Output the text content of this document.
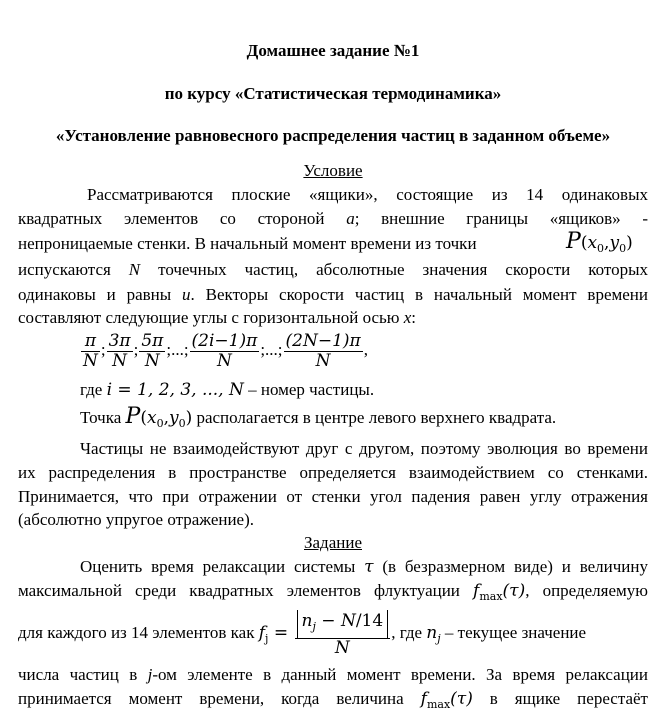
Домашнее задание №1
по курсу «Статистическая термодинамика»
«Установление равновесного распределения частиц в заданном объеме»
Условие
Рассматриваются плоские «ящики», состоящие из 14 одинаковых
квадратных элементов со стороной a; внешние границы «ящиков» -
непроницаемые стенки. В начальный момент времени из точки	$P(x_0,y_0)$
испускаются N точечных частиц, абсолютные значения скорости которых
одинаковы и равны u. Векторы скорости частиц в начальный момент времени
составляют следующие углы с горизонтальной осью x:
$\frac{\pi}{N}$ ; $\frac{3\pi}{N}$ ; $\frac{5\pi}{N}$ ;...; $\frac{(2i-1)\pi}{N}$ ;...; $\frac{(2N-1)\pi}{N}$ ,
где i = 1, 2, 3, ..., N – номер частицы.
Точка $P(x_0,y_0)$ располагается в центре левого верхнего квадрата.
Частицы не взаимодействуют друг с другом, поэтому эволюция во времени
их распределения в пространстве определяется взаимодействием со стенками.
Принимается, что при отражении от стенки угол падения равен углу отражения
(абсолютно упругое отражение).
Задание
Оценить время релаксации системы τ (в безразмерном виде) и величину
максимальной среди квадратных элементов флуктуации $f_{max}(\tau)$, определяемую
для каждого из 14 элементов как $f_j = \frac{n_j - N/14}{N}$ , где $n_j$ – текущее значение
числа частиц в j-ом элементе в данный момент времени. За время релаксации
принимается момент времени, когда величина $f_{max}(\tau)$ в ящике перестаёт
